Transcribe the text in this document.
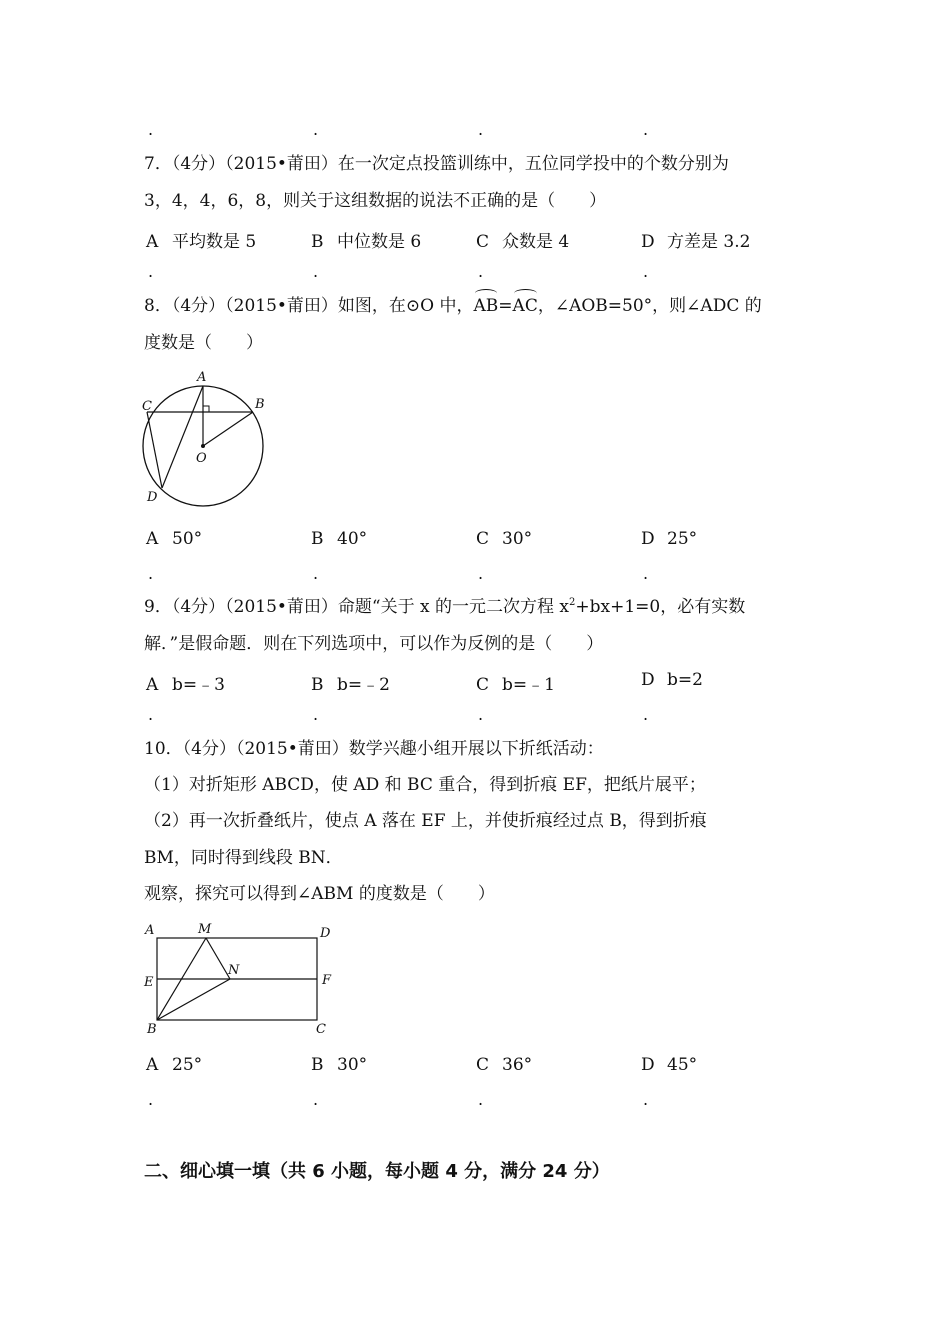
.	.	.	.
7．（4分）（2015•莆田）在一次定点投篮训练中，五位同学投中的个数分别为
3，4，4，6，8，则关于这组数据的说法不正确的是（　　）
A 平均数是 5	B 中位数是 6	C 众数是 4	D 方差是 3.2
.	.	.	.
8．（4分）（2015•莆田）如图，在⊙O 中，AB=AC，∠AOB=50°，则∠ADC 的
度数是（　　）
A
B
C
D
O
A 50°	B 40°	C 30°	D 25°
.	.	.	.
9．（4分）（2015•莆田）命题“关于 x 的一元二次方程 $x^2+bx+1=0$，必有实数
解．”是假命题．则在下列选项中，可以作为反例的是（　　）
A b=﹣3	B b=﹣2	C b=﹣1	D b=2
.	.	.	.
10．（4分）（2015•莆田）数学兴趣小组开展以下折纸活动：
（1）对折矩形 ABCD，使 AD 和 BC 重合，得到折痕 EF，把纸片展平；
（2）再一次折叠纸片，使点 A 落在 EF 上，并使折痕经过点 B，得到折痕
BM，同时得到线段 BN．
观察，探究可以得到∠ABM 的度数是（　　）
A	M	D
E
N
F
B	C
A 25°	B 30°	C 36°	D 45°
.	.	.	.
二、细心填一填（共 6 小题，每小题 4 分，满分 24 分）
